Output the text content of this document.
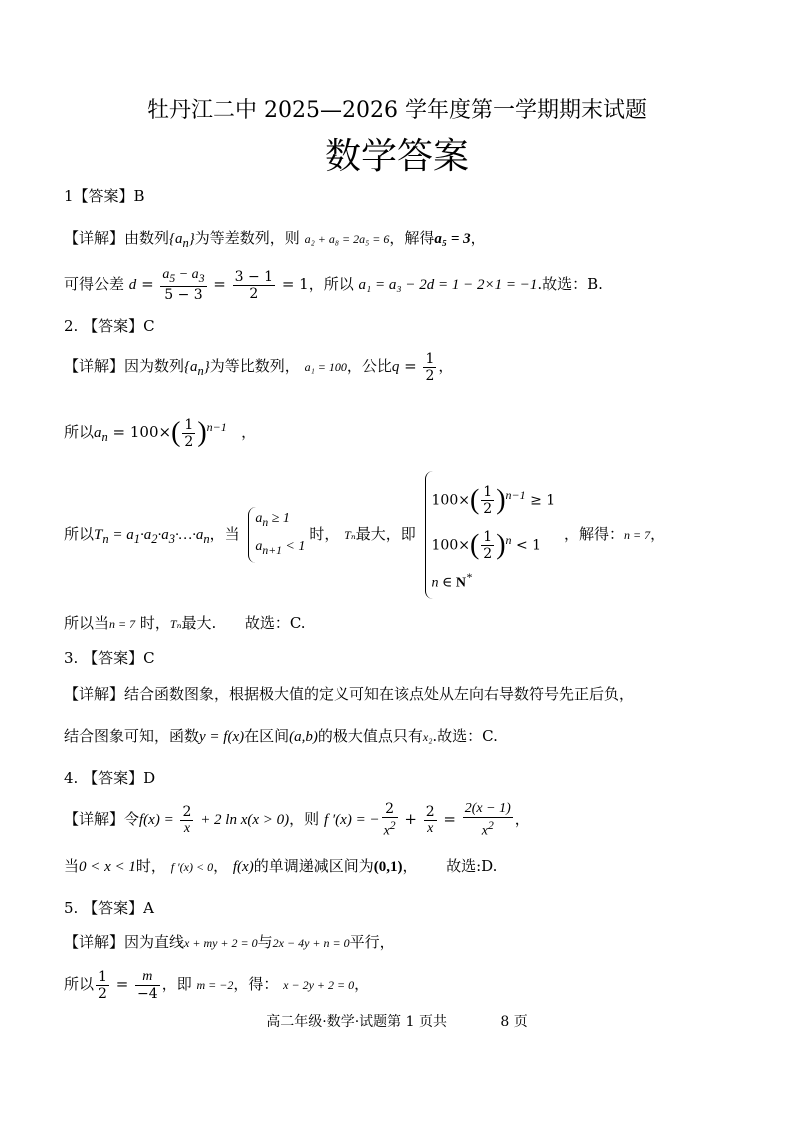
牡丹江二中 2025—2026 学年度第一学期期末试题
数学答案
1【答案】B
【详解】由数列$\{a_n\}$为等差数列，则 a₂ + a₈ = 2a₅ = 6，解得a₅ = 3，
可得公差 $d = \frac{a_5 - a_3}{5 - 3} = \frac{3 - 1}{2} = 1$，所以 a₁ = a₃ − 2d = 1 − 2×1 = −1.故选：B.
2. 【答案】C
【详解】因为数列$\{a_n\}$为等比数列， a₁ = 100，公比$q = \frac{1}{2}$ ，
所以$a_n = 100\times( \frac{1}{2} )^{n-1}$   ，
所以$T_n$ = $a_1\cdot a_2\cdot a_3\cdot\dots\cdot a_n$，当
$a_n \ge 1$
$a_{n+1} < 1$
时， Tₙ最大，即
$100\times( \frac{1}{2} )^{n-1} \ge 1$
$100\times( \frac{1}{2} )^n < 1$
n ∈ N*
，解得：n = 7，
所以当n = 7 时，Tₙ最大. 故选：C.
3. 【答案】C
【详解】结合函数图象，根据极大值的定义可知在该点处从左向右导数符号先正后负，
结合图象可知，函数y = f(x)在区间(a,b)的极大值点只有x₂.故选：C.
4. 【答案】D
【详解】令$f(x) = \frac{2}{x} + 2$ ln x(x > 0)，则 f ′(x) = − $\frac{2}{x^2} + \frac{2}{x} = \frac{2(x - 1)}{x^2}$ ，
当0 < x < 1时， f ′(x) < 0， f(x)的单调递减区间为(0,1)， 故选:D.
5. 【答案】A
【详解】因为直线x + my + 2 = 0与2x − 4y + n = 0平行，
所以 $\frac{1}{2} = \frac{m}{-4}$ ，即 m = −2，得： x − 2y + 2 = 0，
高二年级·数学·试题第 1 页共	8 页
